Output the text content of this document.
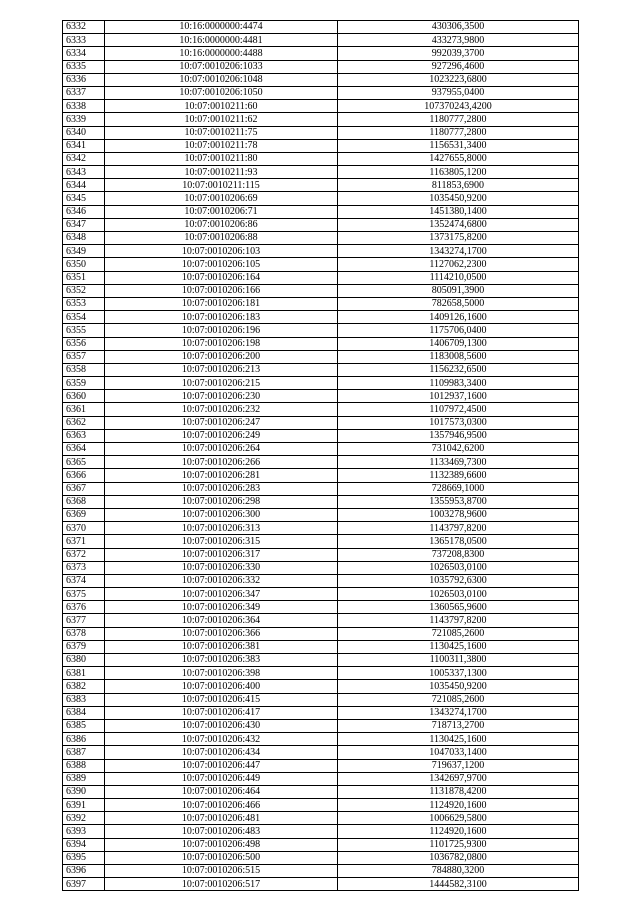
6332	10:16:0000000:4474	430306,3500
6333	10:16:0000000:4481	433273,9800
6334	10:16:0000000:4488	992039,3700
6335	10:07:0010206:1033	927296,4600
6336	10:07:0010206:1048	1023223,6800
6337	10:07:0010206:1050	937955,0400
6338	10:07:0010211:60	107370243,4200
6339	10:07:0010211:62	1180777,2800
6340	10:07:0010211:75	1180777,2800
6341	10:07:0010211:78	1156531,3400
6342	10:07:0010211:80	1427655,8000
6343	10:07:0010211:93	1163805,1200
6344	10:07:0010211:115	811853,6900
6345	10:07:0010206:69	1035450,9200
6346	10:07:0010206:71	1451380,1400
6347	10:07:0010206:86	1352474,6800
6348	10:07:0010206:88	1373175,8200
6349	10:07:0010206:103	1343274,1700
6350	10:07:0010206:105	1127062,2300
6351	10:07:0010206:164	1114210,0500
6352	10:07:0010206:166	805091,3900
6353	10:07:0010206:181	782658,5000
6354	10:07:0010206:183	1409126,1600
6355	10:07:0010206:196	1175706,0400
6356	10:07:0010206:198	1406709,1300
6357	10:07:0010206:200	1183008,5600
6358	10:07:0010206:213	1156232,6500
6359	10:07:0010206:215	1109983,3400
6360	10:07:0010206:230	1012937,1600
6361	10:07:0010206:232	1107972,4500
6362	10:07:0010206:247	1017573,0300
6363	10:07:0010206:249	1357946,9500
6364	10:07:0010206:264	731042,6200
6365	10:07:0010206:266	1133469,7300
6366	10:07:0010206:281	1132389,6600
6367	10:07:0010206:283	728669,1000
6368	10:07:0010206:298	1355953,8700
6369	10:07:0010206:300	1003278,9600
6370	10:07:0010206:313	1143797,8200
6371	10:07:0010206:315	1365178,0500
6372	10:07:0010206:317	737208,8300
6373	10:07:0010206:330	1026503,0100
6374	10:07:0010206:332	1035792,6300
6375	10:07:0010206:347	1026503,0100
6376	10:07:0010206:349	1360565,9600
6377	10:07:0010206:364	1143797,8200
6378	10:07:0010206:366	721085,2600
6379	10:07:0010206:381	1130425,1600
6380	10:07:0010206:383	1100311,3800
6381	10:07:0010206:398	1005337,1300
6382	10:07:0010206:400	1035450,9200
6383	10:07:0010206:415	721085,2600
6384	10:07:0010206:417	1343274,1700
6385	10:07:0010206:430	718713,2700
6386	10:07:0010206:432	1130425,1600
6387	10:07:0010206:434	1047033,1400
6388	10:07:0010206:447	719637,1200
6389	10:07:0010206:449	1342697,9700
6390	10:07:0010206:464	1131878,4200
6391	10:07:0010206:466	1124920,1600
6392	10:07:0010206:481	1006629,5800
6393	10:07:0010206:483	1124920,1600
6394	10:07:0010206:498	1101725,9300
6395	10:07:0010206:500	1036782,0800
6396	10:07:0010206:515	784880,3200
6397	10:07:0010206:517	1444582,3100
